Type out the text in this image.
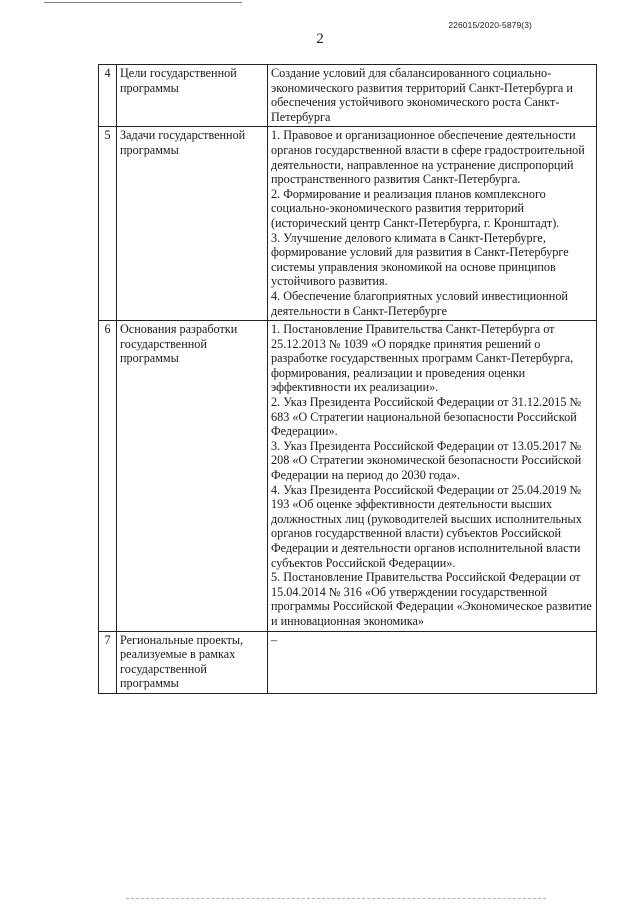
226015/2020-5879(3)
2
4	Цели государственной программы	Создание условий для сбалансированного социально-экономического развития территорий Санкт-Петербурга и обеспечения устойчивого экономического роста Санкт-Петербурга

5	Задачи государственной программы	1. Правовое и организационное обеспечение деятельности органов государственной власти в сфере градостроительной деятельности, направленное на устранение диспропорций пространственного развития Санкт-Петербурга.

2. Формирование и реализация планов комплексного социально-экономического развития территорий (исторический центр Санкт-Петербурга, г. Кронштадт).

3. Улучшение делового климата в Санкт-Петербурге, формирование условий для развития в Санкт-Петербурге системы управления экономикой на основе принципов устойчивого развития.

4. Обеспечение благоприятных условий инвестиционной деятельности в Санкт-Петербурге

6	Основания разработки государственной программы	1. Постановление Правительства Санкт-Петербурга от 25.12.2013 № 1039 «О порядке принятия решений о разработке государственных программ Санкт-Петербурга, формирования, реализации и проведения оценки эффективности их реализации».

2. Указ Президента Российской Федерации от 31.12.2015 № 683 «О Стратегии национальной безопасности Российской Федерации».

3. Указ Президента Российской Федерации от 13.05.2017 № 208 «О Стратегии экономической безопасности Российской Федерации на период до 2030 года».

4. Указ Президента Российской Федерации от 25.04.2019 № 193 «Об оценке эффективности деятельности высших должностных лиц (руководителей высших исполнительных органов государственной власти) субъектов Российской Федерации и деятельности органов исполнительной власти субъектов Российской Федерации».

5. Постановление Правительства Российской Федерации от 15.04.2014 № 316 «Об утверждении государственной программы Российской Федерации «Экономическое развитие и инновационная экономика»

7	Региональные проекты, реализуемые в рамках государственной программы	–
